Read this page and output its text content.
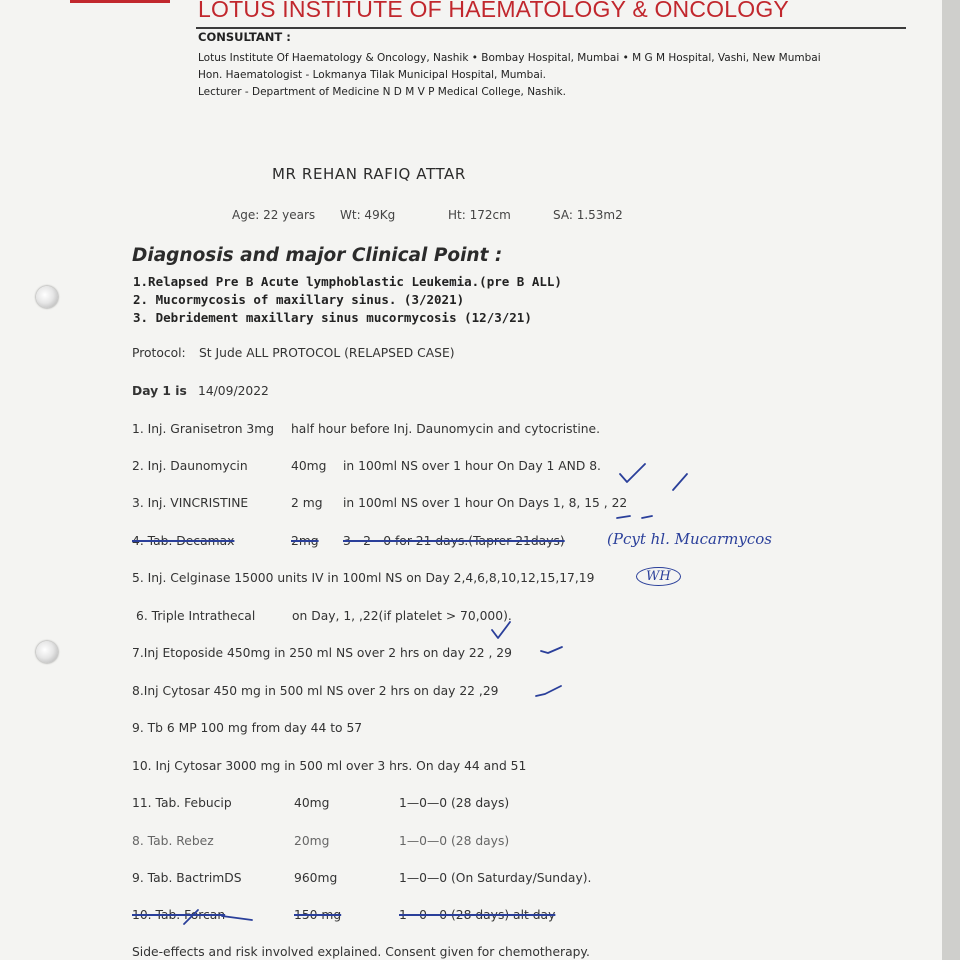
LOTUS INSTITUTE OF HAEMATOLOGY & ONCOLOGY
CONSULTANT :
Lotus Institute Of Haematology & Oncology, Nashik • Bombay Hospital, Mumbai • M G M Hospital, Vashi, New Mumbai
Hon. Haematologist - Lokmanya Tilak Municipal Hospital, Mumbai.
Lecturer - Department of Medicine N D M V P Medical College, Nashik.
MR REHAN RAFIQ ATTAR
Age: 22 years Wt: 49Kg	Ht: 172cm	SA: 1.53m2
Diagnosis and major Clinical Point :
1.Relapsed Pre B Acute lymphoblastic Leukemia.(pre B ALL)
2. Mucormycosis of maxillary sinus. (3/2021)
3. Debridement maxillary sinus mucormycosis (12/3/21)
Protocol: St Jude ALL PROTOCOL (RELAPSED CASE)
Day 1 is 14/09/2022
1. Inj. Granisetron 3mg half hour before Inj. Daunomycin and cytocristine.
2. Inj. Daunomycin	40mg in 100ml NS over 1 hour On Day 1 AND 8.
3. Inj. VINCRISTINE	2 mg in 100ml NS over 1 hour On Days 1, 8, 15 , 22
4. Tab. Decamax	2mg 3—2—0 for 21 days.(Taprer 21days)	(Pcyt hl. Mucarmycos
5. Inj. Celginase 15000 units IV in 100ml NS on Day 2,4,6,8,10,12,15,17,19	WH
6. Triple Intrathecal	on Day, 1, ,22(if platelet > 70,000).
7.Inj Etoposide 450mg in 250 ml NS over 2 hrs on day 22 , 29
8.Inj Cytosar 450 mg in 500 ml NS over 2 hrs on day 22 ,29
9. Tb 6 MP 100 mg from day 44 to 57
10. Inj Cytosar 3000 mg in 500 ml over 3 hrs. On day 44 and 51
11. Tab. Febucip	40mg	1—0—0 (28 days)
8. Tab. Rebez	20mg	1—0—0 (28 days)
9. Tab. BactrimDS	960mg	1—0—0 (On Saturday/Sunday).
10. Tab. Forcan	150 mg	1—0—0 (28 days) alt day
Side-effects and risk involved explained. Consent given for chemotherapy.
